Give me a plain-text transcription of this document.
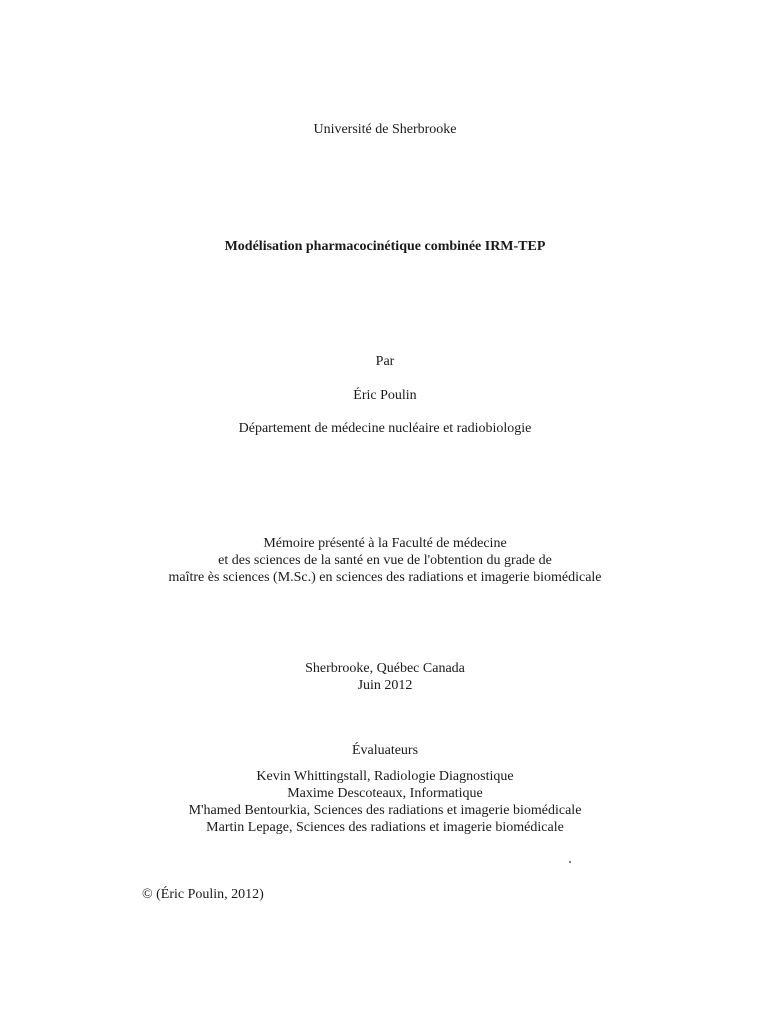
Université de Sherbrooke
Modélisation pharmacocinétique combinée IRM-TEP
Par
Éric Poulin
Département de médecine nucléaire et radiobiologie
Mémoire présenté à la Faculté de médecine
et des sciences de la santé en vue de l'obtention du grade de
maître ès sciences (M.Sc.) en sciences des radiations et imagerie biomédicale
Sherbrooke, Québec Canada
Juin 2012
Évaluateurs
Kevin Whittingstall, Radiologie Diagnostique
Maxime Descoteaux, Informatique
M'hamed Bentourkia, Sciences des radiations et imagerie biomédicale
Martin Lepage, Sciences des radiations et imagerie biomédicale
© (Éric Poulin, 2012)
